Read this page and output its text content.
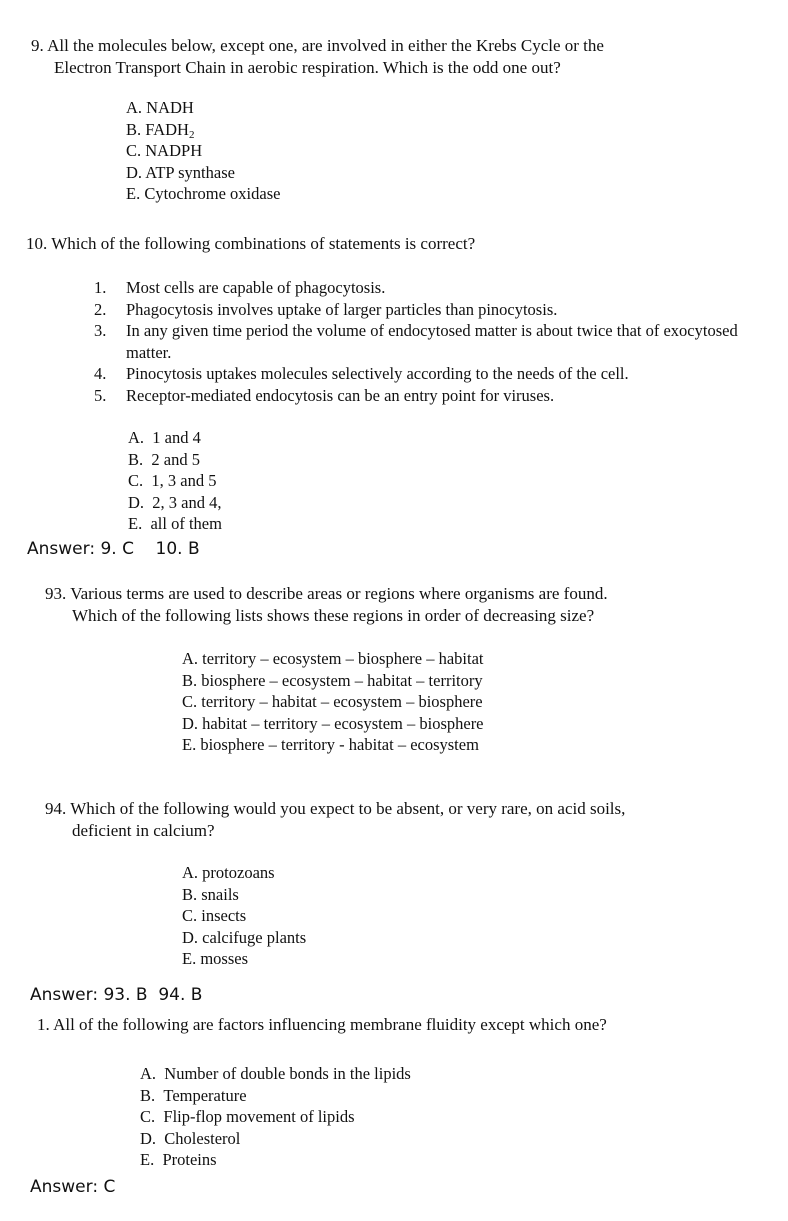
9. All the molecules below, except one, are involved in either the Krebs Cycle or the
Electron Transport Chain in aerobic respiration. Which is the odd one out?
A. NADH
B. $FADH_2$
C. NADPH
D. ATP synthase
E. Cytochrome oxidase
10. Which of the following combinations of statements is correct?
1.	Most cells are capable of phagocytosis.
2.	Phagocytosis involves uptake of larger particles than pinocytosis.
3.	In any given time period the volume of endocytosed matter is about twice that of exocytosed matter.
4.	Pinocytosis uptakes molecules selectively according to the needs of the cell.
5.	Receptor-mediated endocytosis can be an entry point for viruses.
A. 1 and 4
B. 2 and 5
C. 1, 3 and 5
D. 2, 3 and 4,
E. all of them
Answer: 9. C    10. B
93. Various terms are used to describe areas or regions where organisms are found.
Which of the following lists shows these regions in order of decreasing size?
A. territory – ecosystem – biosphere – habitat
B. biosphere – ecosystem – habitat – territory
C. territory – habitat – ecosystem – biosphere
D. habitat – territory – ecosystem – biosphere
E. biosphere – territory - habitat – ecosystem
94. Which of the following would you expect to be absent, or very rare, on acid soils,
deficient in calcium?
A. protozoans
B. snails
C. insects
D. calcifuge plants
E. mosses
Answer: 93. B  94. B
1. All of the following are factors influencing membrane fluidity except which one?
A. Number of double bonds in the lipids
B. Temperature
C. Flip-flop movement of lipids
D. Cholesterol
E. Proteins
Answer: C
